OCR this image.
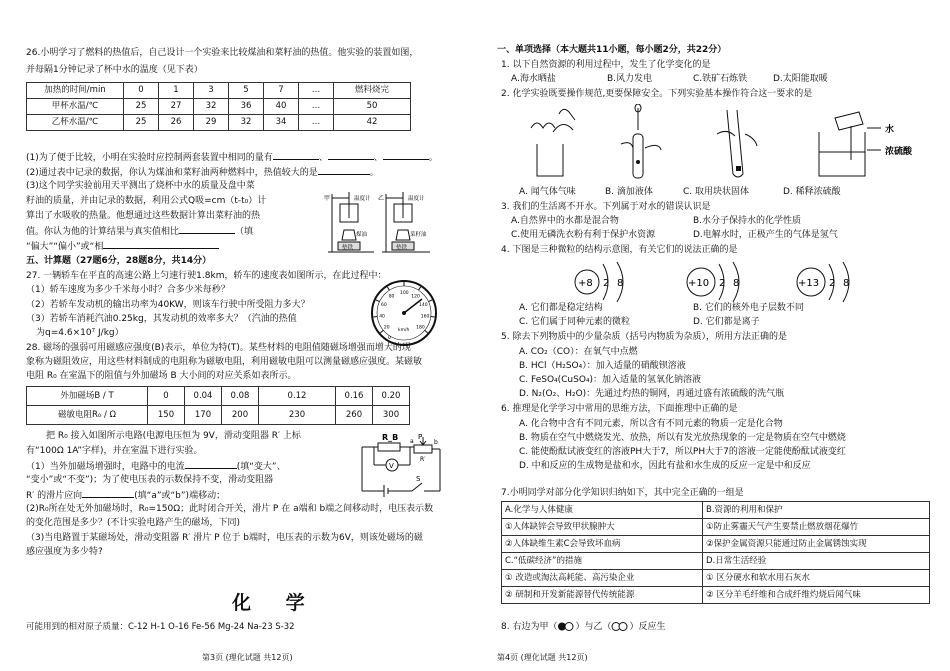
26.小明学习了燃料的热值后，自己设计一个实验来比较煤油和菜籽油的热值。他实验的装置如图，
并每隔1分钟记录了杯中水的温度（见下表）
加热的时间/min	0	1	3	5	7	…	燃料烧完
甲杯水温/℃	25	27	32	36	40	…	50
乙杯水温/℃	25	26	29	32	34	…	42
(1)为了便于比较，小明在实验时应控制两套装置中相同的量有	、	、	。
(2)通过表中记录的数据，你认为煤油和菜籽油两种燃料中，热值较大的是	。
(3)这个同学实验前用天平测出了烧杯中水的质量及盘中菜
籽油的质量，并由记录的数据，利用公式Q吸=cm（t-t₀）计
算出了水吸收的热量。他想通过这些数据计算出菜籽油的热
值。你认为他的计算结果与真实值相比	（填
“偏大”“偏小”或“相
甲	温度计
煤油
垫铁
乙	温度计
菜籽油
垫铁
五、计算题（27题6分，28题8分，共14分）
27. 一辆轿车在平直的高速公路上匀速行驶1.8km，轿车的速度表如图所示，在此过程中：
（1）轿车速度为多少千米每小时？合多少米每秒？
（2）若轿车发动机的输出功率为40KW，则该车行驶中所受阻力多大？
（3）若轿车消耗汽油0.25kg，其发动机的效率多大？（汽油的热值
为q=4.6×10⁷ J/kg）	20
40
60
80
100
120
140
160
180
km/h
0
28. 磁场的强弱可用磁感应强度(B)表示，单位为特(T)。某些材料的电阻值随磁场增强而增大的现
象称为磁阻效应，用这些材料制成的电阻称为磁敏电阻，利用磁敏电阻可以测量磁感应强度。某磁敏
电阻 R₀ 在室温下的阻值与外加磁场 B 大小间的对应关系如表所示。
外加磁场B / T	0	0.04	0.08	0.12	0.16	0.20
磁敏电阻R₀ / Ω	150	170	200	230	260	300
把 R₀ 接入如图所示电路(电源电压恒为 9V，滑动变阻器 R′ 上标
有“100Ω 1A”字样)，并在室温下进行实验。
（1）当外加磁场增强时，电路中的电流	(填“变大”、
“变小”或“不变”)；为了使电压表的示数保持不变，滑动变阻器
R′ 的滑片应向	(填“a”或“b”)端移动；
(2)R₀所在处无外加磁场时，R₀=150Ω；此时闭合开关，滑片 P 在 a端和 b端之间移动时，电压表示数
的变化范围是多少？(不计实验电路产生的磁场，下同)
（3)当电路置于某磁场处，滑动变阻器 R′ 滑片 P 位于 b端时，电压表的示数为6V，则该处磁场的磁
感应强度为多少特?
R_B	P
a	b
R′
V
S
化 学
可能用到的相对原子质量：C-12 H-1 O-16 Fe-56 Mg-24 Na-23 S-32
第3页 (理化试题 共12页)
一、单项选择（本大题共11小题，每小题2分，共22分）
1. 以下自然资源的利用过程中，发生了化学变化的是
A.海水晒盐	B.风力发电	C.铁矿石炼铁	D.太阳能取暖
2. 化学实验既要操作规范,更要保障安全。下列实验基本操作符合这一要求的是
水
浓硫酸
A. 闻气体气味	B. 滴加液体	C. 取用块状固体	D. 稀释浓硫酸
3. 我们的生活离不开水。下列属于对水的错误认识是
A.自然界中的水都是混合物	B.水分子保持水的化学性质
C.使用无磷洗衣粉有利于保护水资源	D.电解水时，正极产生的气体是氢气
4. 下图是三种微粒的结构示意图，有关它们的说法正确的是
+8 2 8	+10 2 8	+13 2 8
A. 它们都是稳定结构	B. 它们的核外电子层数不同
C. 它们属于同种元素的微粒	D. 它们都是离子
5. 除去下列物质中的少量杂质（括号内物质为杂质），所用方法正确的是
A. CO₂（CO）：在氧气中点燃
B. HCl（H₂SO₄）：加入适量的硝酸钡溶液
C. FeSO₄(CuSO₄)：加入适量的氢氧化钠溶液
D. N₂(O₂、H₂O)：先通过灼热的铜网，再通过盛有浓硫酸的洗气瓶
6. 推理是化学学习中常用的思维方法，下面推理中正确的是
A. 化合物中含有不同元素，所以含有不同元素的物质一定是化合物
B. 物质在空气中燃烧发光、放热，所以有发光放热现象的一定是物质在空气中燃烧
C. 能使酚酞试液变红的溶液PH大于7，所以PH大于7的溶液一定能使酚酞试液变红
D. 中和反应的生成物是盐和水，因此有盐和水生成的反应一定是中和反应
7.小明同学对部分化学知识归纳如下，其中完全正确的一组是
A.化学与人体健康	B.资源的利用和保护
①人体缺锌会导致甲状腺肿大	①防止雾霾天气产生要禁止燃放烟花爆竹
②人体缺维生素C会导致坏血病	②保护金属资源只能通过防止金属锈蚀实现
C.“低碳经济”的措施	D.日常生活经验
① 改造或淘汰高耗能、高污染企业	① 区分硬水和软水用石灰水
② 研制和开发新能源替代传统能源	② 区分羊毛纤维和合成纤维灼烧后闻气味
8. 右边为甲（ ）与乙（ ）反应生
第4页 (理化试题 共12页)
